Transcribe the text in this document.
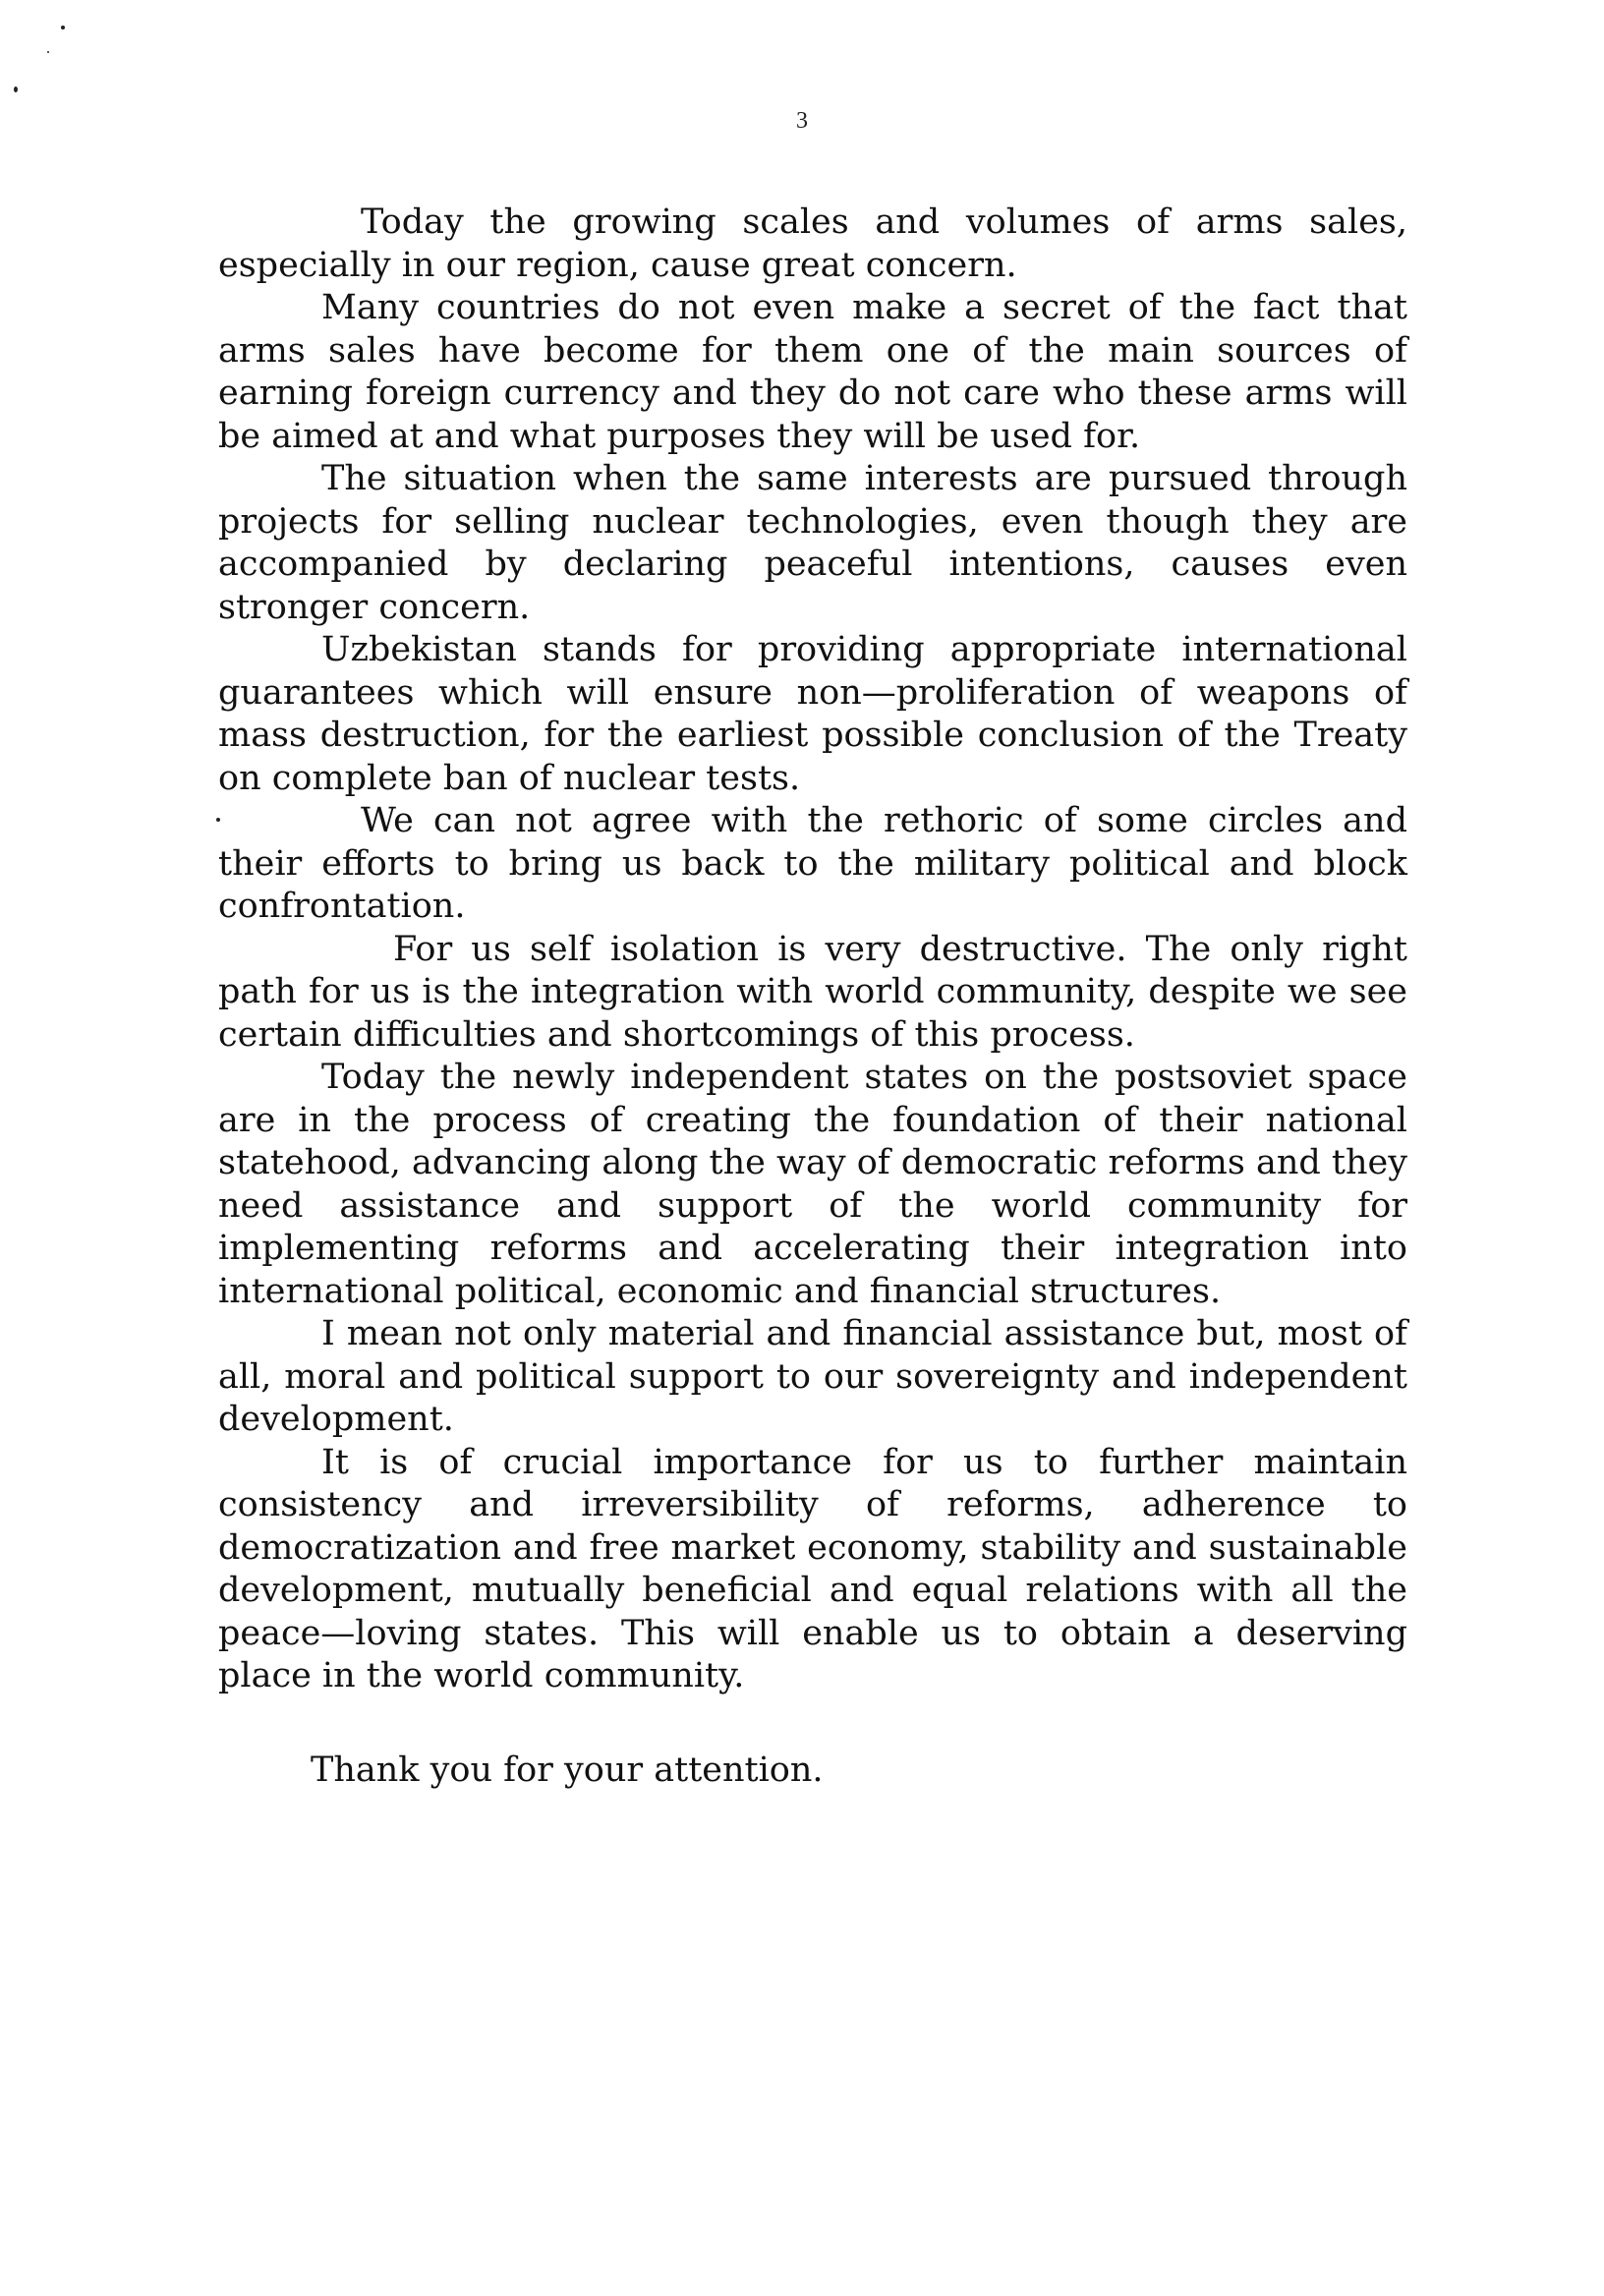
3

Today the growing scales and volumes of arms sales, especially in our region, cause great concern.

Many countries do not even make a secret of the fact that arms sales have become for them one of the main sources of earning foreign currency and they do not care who these arms will be aimed at and what purposes they will be used for.

The situation when the same interests are pursued through projects for selling nuclear technologies, even though they are accompanied by declaring peaceful intentions, causes even stronger concern.

Uzbekistan stands for providing appropriate international guarantees which will ensure non—proliferation of weapons of mass destruction, for the earliest possible conclusion of the Treaty on complete ban of nuclear tests.

We can not agree with the rethoric of some circles and their efforts to bring us back to the military political and block confrontation.

For us self isolation is very destructive. The only right path for us is the integration with world community, despite we see certain difficulties and shortcomings of this process.

Today the newly independent states on the postsoviet space are in the process of creating the foundation of their national statehood, advancing along the way of democratic reforms and they need assistance and support of the world community for implementing reforms and accelerating their integration into international political, economic and financial structures.

I mean not only material and financial assistance but, most of all, moral and political support to our sovereignty and independent development.

It is of crucial importance for us to further maintain consistency and irreversibility of reforms, adherence to democratization and free market economy, stability and sustainable development, mutually beneficial and equal relations with all the peace—loving states. This will enable us to obtain a deserving place in the world community.

Thank you for your attention.
